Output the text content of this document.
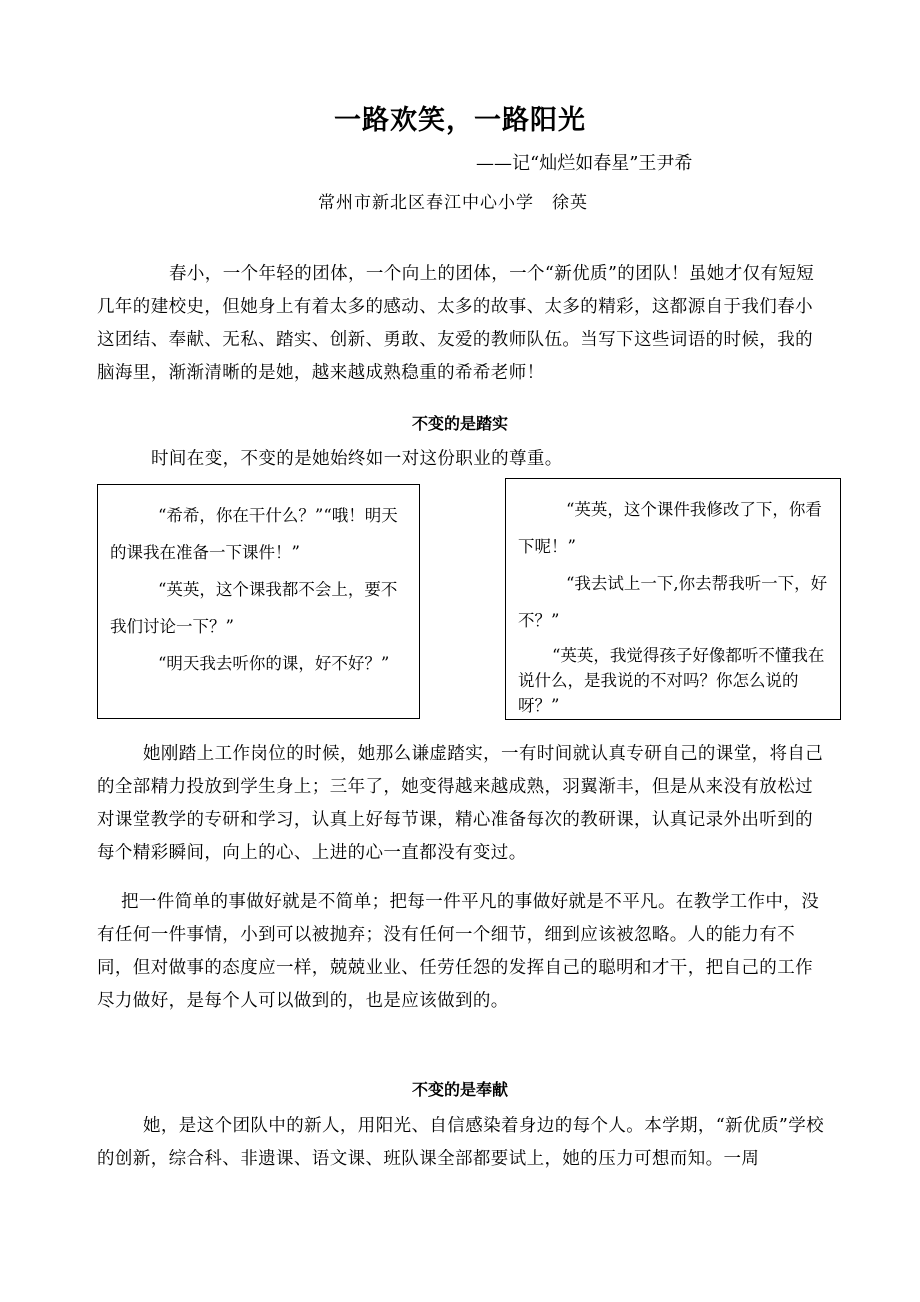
一路欢笑，一路阳光
——记“灿烂如春星”王尹希
常州市新北区春江中心小学　徐英

春小，一个年轻的团体，一个向上的团体，一个“新优质”的团队！虽她才仅有短短几年的建校史，但她身上有着太多的感动、太多的故事、太多的精彩，这都源自于我们春小这团结、奉献、无私、踏实、创新、勇敢、友爱的教师队伍。当写下这些词语的时候，我的脑海里，渐渐清晰的是她，越来越成熟稳重的希希老师！

不变的是踏实

时间在变，不变的是她始终如一对这份职业的尊重。

“希希，你在干什么？”“哦！明天的课我在准备一下课件！”

“英英，这个课我都不会上，要不我们讨论一下？”

“明天我去听你的课，好不好？”

“英英，这个课件我修改了下，你看下呢！”

“我去试上一下,你去帮我听一下，好不？”

“英英，我觉得孩子好像都听不懂我在说什么，是我说的不对吗？你怎么说的呀？”

她刚踏上工作岗位的时候，她那么谦虚踏实，一有时间就认真专研自己的课堂，将自己的全部精力投放到学生身上；三年了，她变得越来越成熟，羽翼渐丰，但是从来没有放松过对课堂教学的专研和学习，认真上好每节课，精心准备每次的教研课，认真记录外出听到的每个精彩瞬间，向上的心、上进的心一直都没有变过。

把一件简单的事做好就是不简单；把每一件平凡的事做好就是不平凡。在教学工作中，没有任何一件事情，小到可以被抛弃；没有任何一个细节，细到应该被忽略。人的能力有不同，但对做事的态度应一样，兢兢业业、任劳任怨的发挥自己的聪明和才干，把自己的工作尽力做好，是每个人可以做到的，也是应该做到的。

不变的是奉献

她，是这个团队中的新人，用阳光、自信感染着身边的每个人。本学期，“新优质”学校的创新，综合科、非遗课、语文课、班队课全部都要试上，她的压力可想而知。一周
